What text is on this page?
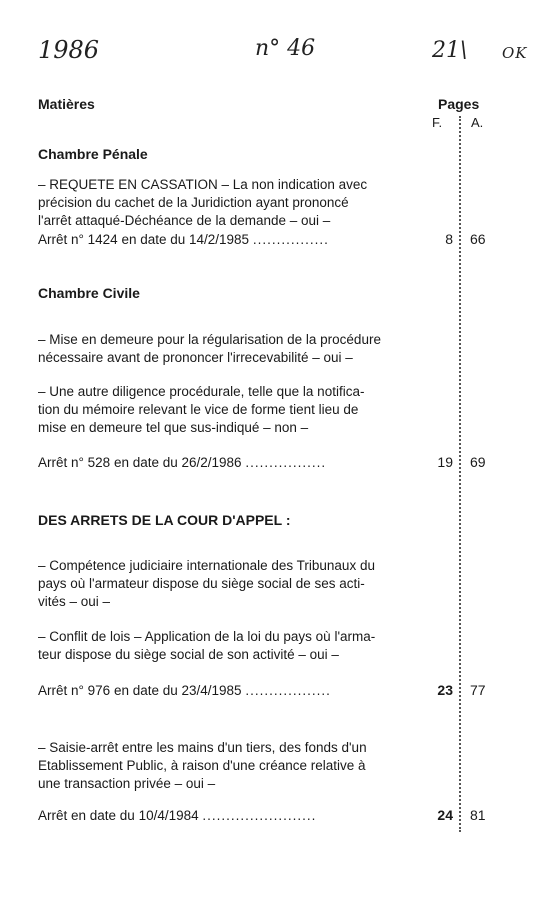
1986	n° 46	21\ OK
Matières	Pages
F. A.
Chambre Pénale
– REQUETE EN CASSATION – La non indication avec
précision du cachet de la Juridiction ayant prononcé
l'arrêt attaqué-Déchéance de la demande – oui –
Arrêt n° 1424 en date du 14/2/1985 ................	8 66
Chambre Civile
– Mise en demeure pour la régularisation de la procédure
nécessaire avant de prononcer l'irrecevabilité – oui –
– Une autre diligence procédurale, telle que la notifica-
tion du mémoire relevant le vice de forme tient lieu de
mise en demeure tel que sus-indiqué – non –
Arrêt n° 528 en date du 26/2/1986 .................	19 69
DES ARRETS DE LA COUR D'APPEL :
– Compétence judiciaire internationale des Tribunaux du
pays où l'armateur dispose du siège social de ses acti-
vités – oui –
– Conflit de lois – Application de la loi du pays où l'arma-
teur dispose du siège social de son activité – oui –
Arrêt n° 976 en date du 23/4/1985 ..................	23 77
– Saisie-arrêt entre les mains d'un tiers, des fonds d'un
Etablissement Public, à raison d'une créance relative à
une transaction privée – oui –
Arrêt en date du 10/4/1984 ........................	24 81
